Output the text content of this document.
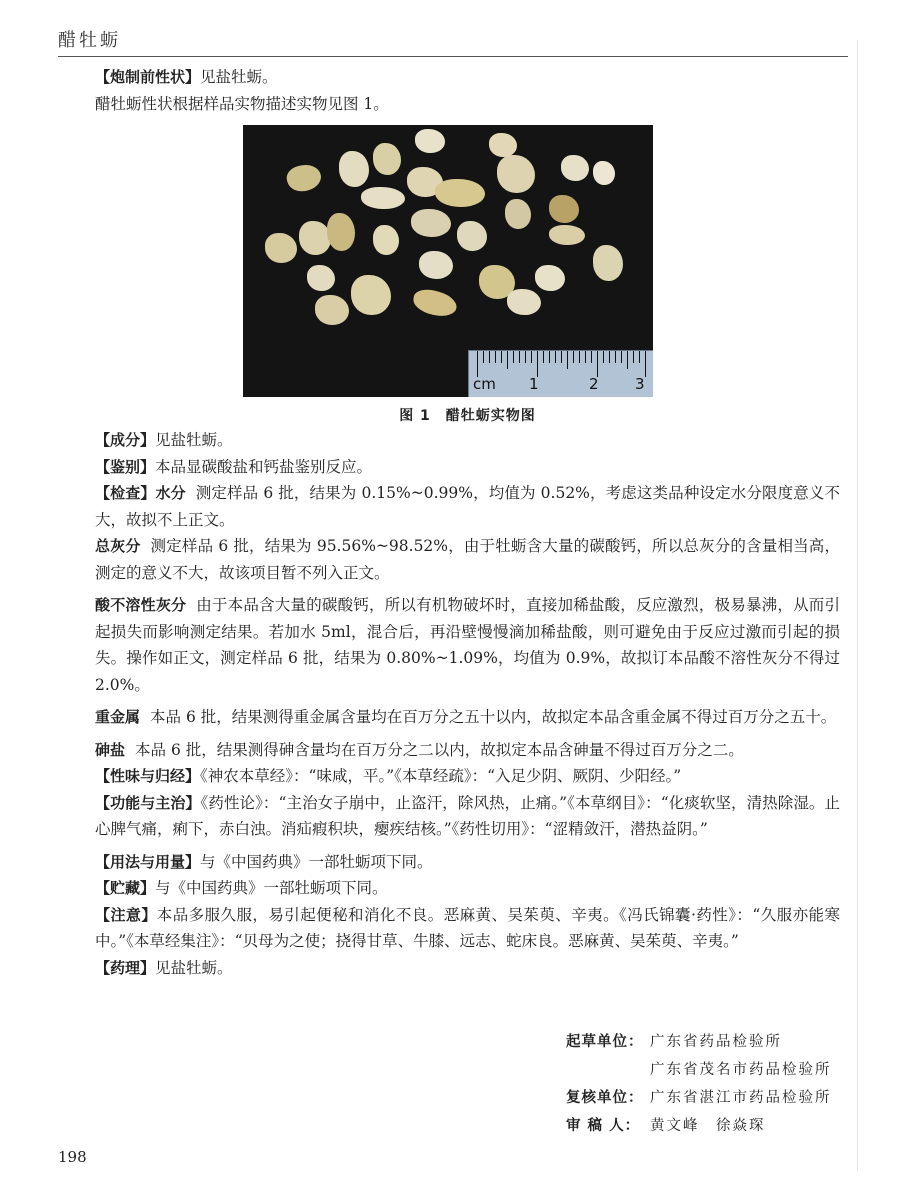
醋牡蛎

【炮制前性状】见盐牡蛎。

醋牡蛎性状根据样品实物描述实物见图 1。

cm 1	2 3
图 1　醋牡蛎实物图

【成分】见盐牡蛎。

【鉴别】本品显碳酸盐和钙盐鉴别反应。

【检查】水分 测定样品 6 批，结果为 0.15%~0.99%，均值为 0.52%，考虑这类品种设定水分限度意义不大，故拟不上正文。

总灰分 测定样品 6 批，结果为 95.56%~98.52%，由于牡蛎含大量的碳酸钙，所以总灰分的含量相当高，测定的意义不大，故该项目暂不列入正文。

酸不溶性灰分 由于本品含大量的碳酸钙，所以有机物破坏时，直接加稀盐酸，反应激烈，极易暴沸，从而引起损失而影响测定结果。若加水 5ml，混合后，再沿壁慢慢滴加稀盐酸，则可避免由于反应过激而引起的损失。操作如正文，测定样品 6 批，结果为 0.80%~1.09%，均值为 0.9%，故拟订本品酸不溶性灰分不得过 2.0%。

重金属 本品 6 批，结果测得重金属含量均在百万分之五十以内，故拟定本品含重金属不得过百万分之五十。

砷盐 本品 6 批，结果测得砷含量均在百万分之二以内，故拟定本品含砷量不得过百万分之二。

【性味与归经】《神农本草经》：“味咸，平。”《本草经疏》：“入足少阴、厥阴、少阳经。”

【功能与主治】《药性论》：“主治女子崩中，止盗汗，除风热，止痛。”《本草纲目》：“化痰软坚，清热除湿。止心脾气痛，痢下，赤白浊。消疝瘕积块，瘿疾结核。”《药性切用》：“涩精敛汗，潜热益阴。”

【用法与用量】与《中国药典》一部牡蛎项下同。

【贮藏】与《中国药典》一部牡蛎项下同。

【注意】本品多服久服，易引起便秘和消化不良。恶麻黄、吴茱萸、辛夷。《冯氏锦囊·药性》：“久服亦能寒中。”《本草经集注》：“贝母为之使；挠得甘草、牛膝、远志、蛇床良。恶麻黄、吴茱萸、辛夷。”

【药理】见盐牡蛎。

起草单位： 广东省药品检验所
广东省茂名市药品检验所
复核单位： 广东省湛江市药品检验所
审 稿 人： 黄文峰　徐焱琛
198
